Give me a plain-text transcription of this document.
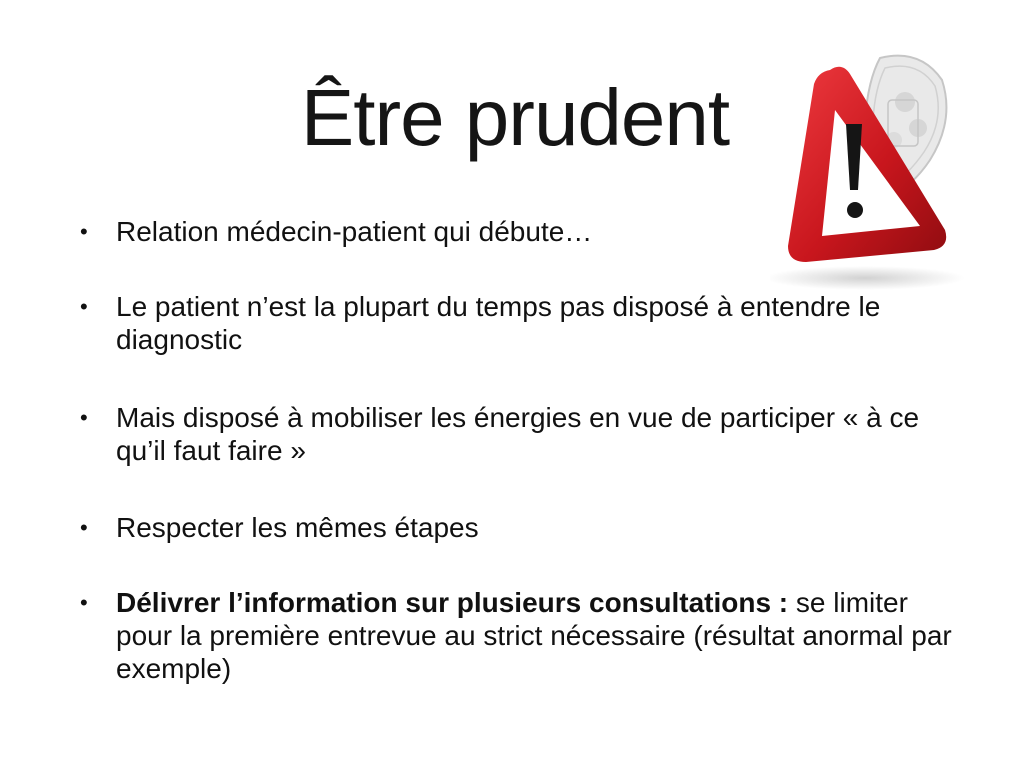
Être prudent
•	Relation médecin-patient qui débute…
•	Le patient n’est la plupart du temps pas disposé à entendre le diagnostic
•	Mais disposé à mobiliser les énergies en vue de participer « à ce qu’il faut faire »
•	Respecter les mêmes étapes
•	Délivrer l’information sur plusieurs consultations : se limiter pour la première entrevue au strict nécessaire (résultat anormal par exemple)
